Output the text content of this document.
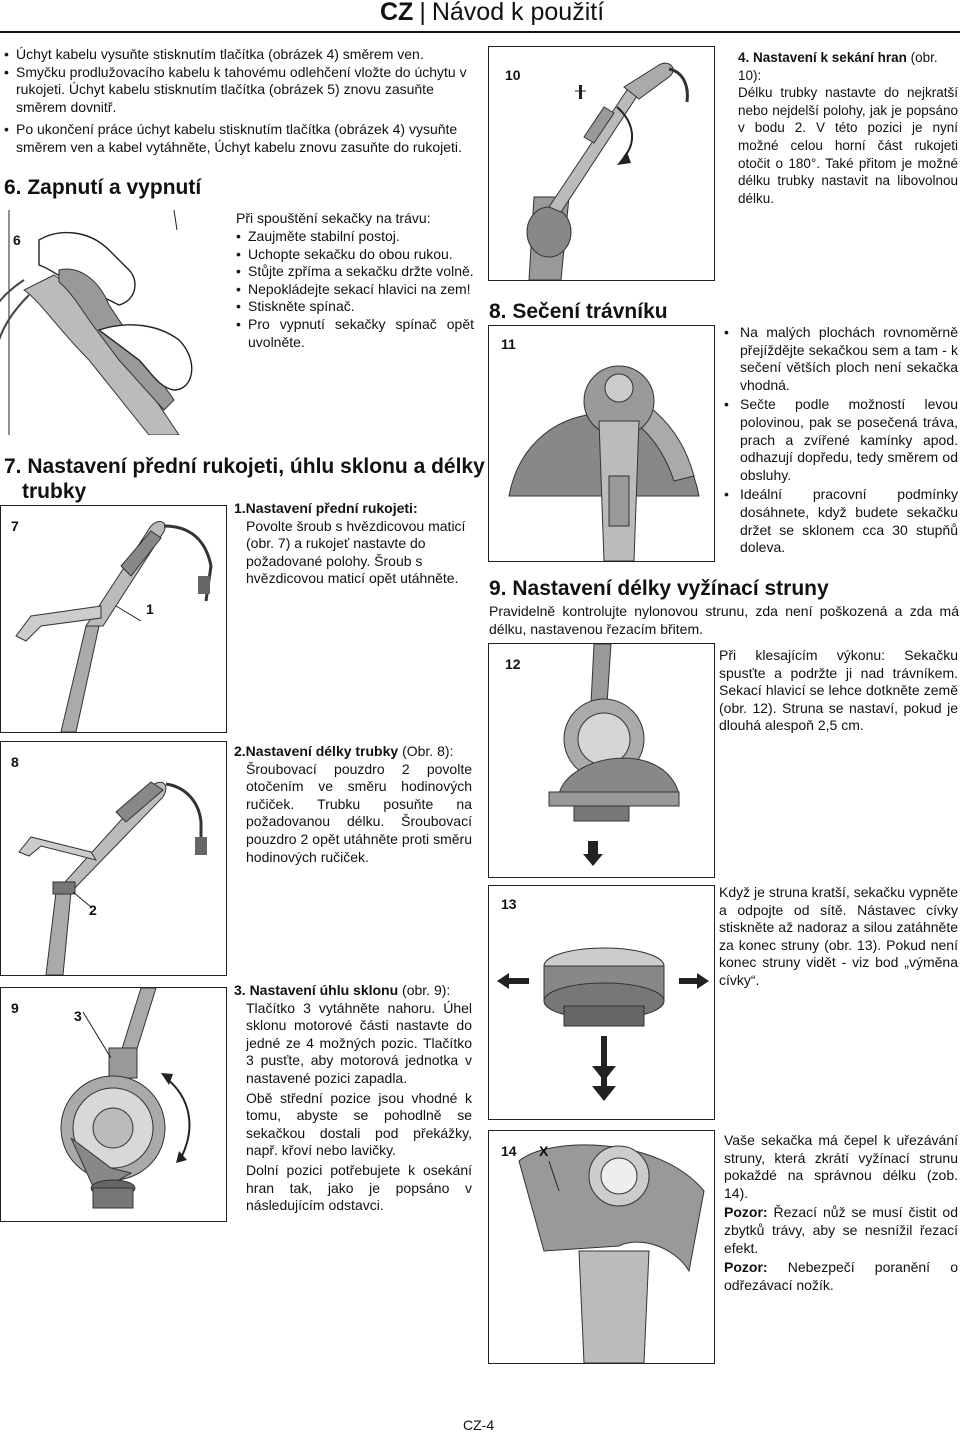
CZ | Návod k použití
• Úchyt kabelu vysuňte stisknutím tlačítka (obrázek 4) směrem ven.
• Smyčku prodlužovacího kabelu k tahovému odlehčení vložte do úchytu v rukojeti. Úchyt kabelu stisknutím tlačítka (obrázek 5) znovu zasuňte směrem dovnitř.
• Po ukončení práce úchyt kabelu stisknutím tlačítka (obrázek 4) vysuňte směrem ven a kabel vytáhněte, Úchyt kabelu znovu zasuňte do rukojeti.
6. Zapnutí a vypnutí
6
Při spouštění sekačky na trávu:
• Zaujměte stabilní postoj.
• Uchopte sekačku do obou rukou.
• Stůjte zpříma a sekačku držte volně.
• Nepokládejte sekací hlavici na zem!
• Stiskněte spínač.
• Pro vypnutí sekačky spínač opět uvolněte.
7. Nastavení přední rukojeti, úhlu sklonu a délky trubky
7
1
1.Nastavení přední rukojeti:

Povolte šroub s hvězdicovou maticí (obr. 7) a rukojeť nastavte do požadované polohy. Šroub s hvězdicovou maticí opět utáhněte.
8
2
2.Nastavení délky trubky (Obr. 8):

Šroubovací pouzdro 2 povolte otočením ve směru hodinových ručiček. Trubku posuňte na požadovanou délku. Šroubovací pouzdro 2 opět utáhněte proti směru hodinových ručiček.
9	3
3. Nastavení úhlu sklonu (obr. 9):

Tlačítko 3 vytáhněte nahoru. Úhel sklonu motorové části nastavte do jedné ze 4 možných pozic. Tlačítko 3 pusťte, aby motorová jednotka v nastavené pozici zapadla.
Obě střední pozice jsou vhodné k tomu, abyste se pohodlně se sekačkou dostali pod překážky, např. křoví nebo lavičky.
Dolní pozici potřebujete k osekání hran tak, jako je popsáno v následujícím odstavci.
10
4. Nastavení k sekání hran (obr. 10):
Délku trubky nastavte do nejkratší nebo nejdelší polohy, jak je popsáno v bodu 2. V této pozici je nyní možné celou horní část rukojeti otočit o 180°. Také přitom je možné délku trubky nastavit na libovolnou délku.
8. Sečení trávníku
11
• Na malých plochách rovnoměrně přejíždějte sekačkou sem a tam - k sečení větších ploch není sekačka vhodná.
• Sečte podle možností levou polovinou, pak se posečená tráva, prach a zvířené kamínky apod. odhazují dopředu, tedy směrem od obsluhy.
• Ideální pracovní podmínky dosáhnete, když budete sekačku držet se sklonem cca 30 stupňů doleva.
9. Nastavení délky vyžínací struny
Pravidelně kontrolujte nylonovou strunu, zda není poškozená a zda má délku, nastavenou řezacím břitem.
12
Při klesajícím výkonu: Sekačku spusťte a podržte ji nad trávníkem. Sekací hlavicí se lehce dotkněte země (obr. 12). Struna se nastaví, pokud je dlouhá alespoň 2,5 cm.
13
Když je struna kratší, sekačku vypněte a odpojte od sítě. Nástavec cívky stiskněte až nadoraz a silou zatáhněte za konec struny (obr. 13). Pokud není konec struny vidět - viz bod „výměna cívky“.
14 X
Vaše sekačka má čepel k uřezávání struny, která zkrátí vyžínací strunu pokaždé na správnou délku (zob. 14).
Pozor: Řezací nůž se musí čistit od zbytků trávy, aby se nesnížil řezací efekt.
Pozor: Nebezpečí poranění o odřezávací nožík.
CZ-4
